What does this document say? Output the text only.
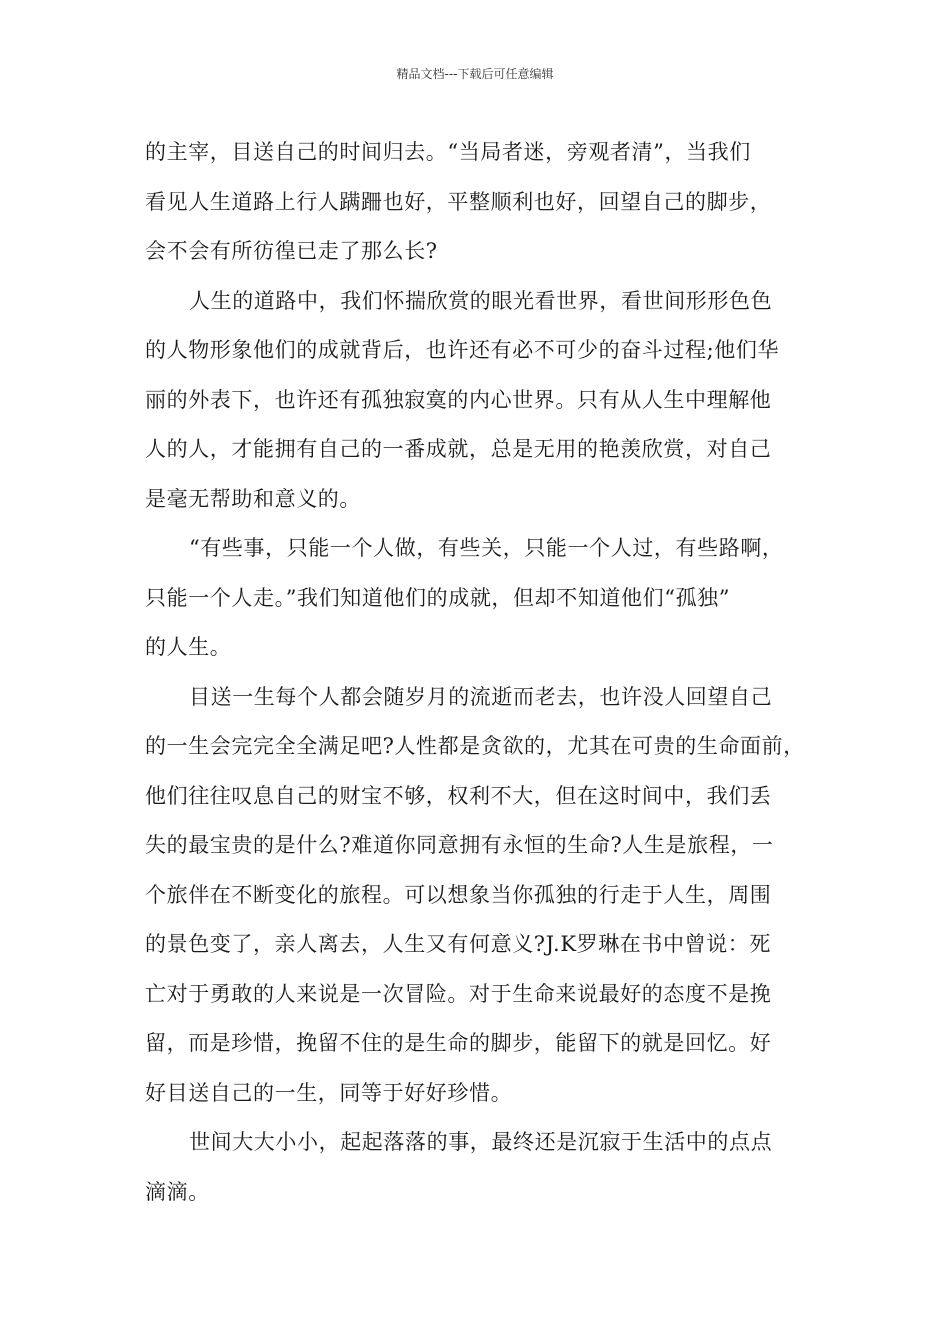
精品文档---下载后可任意编辑
的主宰，目送自己的时间归去。“当局者迷，旁观者清”，当我们
看见人生道路上行人蹒跚也好，平整顺利也好，回望自己的脚步，
会不会有所彷徨已走了那么长?
人生的道路中，我们怀揣欣赏的眼光看世界，看世间形形色色
的人物形象他们的成就背后，也许还有必不可少的奋斗过程;他们华
丽的外表下，也许还有孤独寂寞的内心世界。只有从人生中理解他
人的人，才能拥有自己的一番成就，总是无用的艳羡欣赏，对自己
是毫无帮助和意义的。
“有些事，只能一个人做，有些关，只能一个人过，有些路啊，
只能一个人走。”我们知道他们的成就，但却不知道他们“孤独”
的人生。
目送一生每个人都会随岁月的流逝而老去，也许没人回望自己
的一生会完完全全满足吧?人性都是贪欲的，尤其在可贵的生命面前，
他们往往叹息自己的财宝不够，权利不大，但在这时间中，我们丢
失的最宝贵的是什么?难道你同意拥有永恒的生命?人生是旅程，一
个旅伴在不断变化的旅程。可以想象当你孤独的行走于人生，周围
的景色变了，亲人离去，人生又有何意义?J.K罗琳在书中曾说：死
亡对于勇敢的人来说是一次冒险。对于生命来说最好的态度不是挽
留，而是珍惜，挽留不住的是生命的脚步，能留下的就是回忆。好
好目送自己的一生，同等于好好珍惜。
世间大大小小，起起落落的事，最终还是沉寂于生活中的点点
滴滴。
